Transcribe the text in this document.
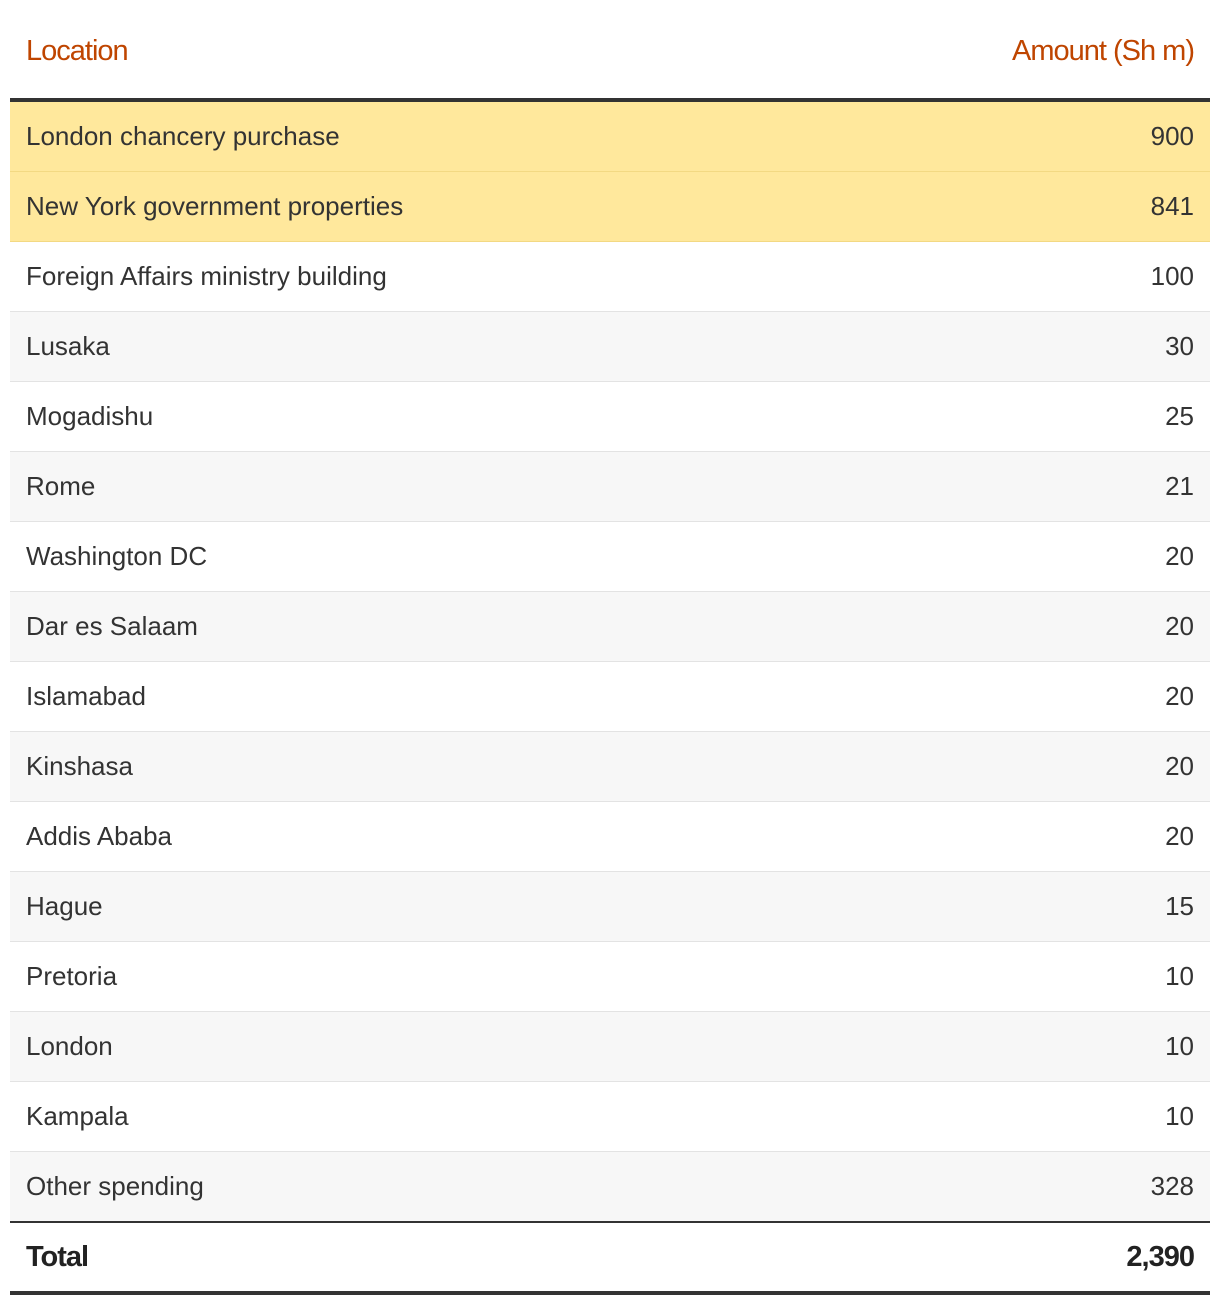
Location	Amount (Sh m)
London chancery purchase	900
New York government properties	841
Foreign Affairs ministry building	100
Lusaka	30
Mogadishu	25
Rome	21
Washington DC	20
Dar es Salaam	20
Islamabad	20
Kinshasa	20
Addis Ababa	20
Hague	15
Pretoria	10
London	10
Kampala	10
Other spending	328
Total	2,390
